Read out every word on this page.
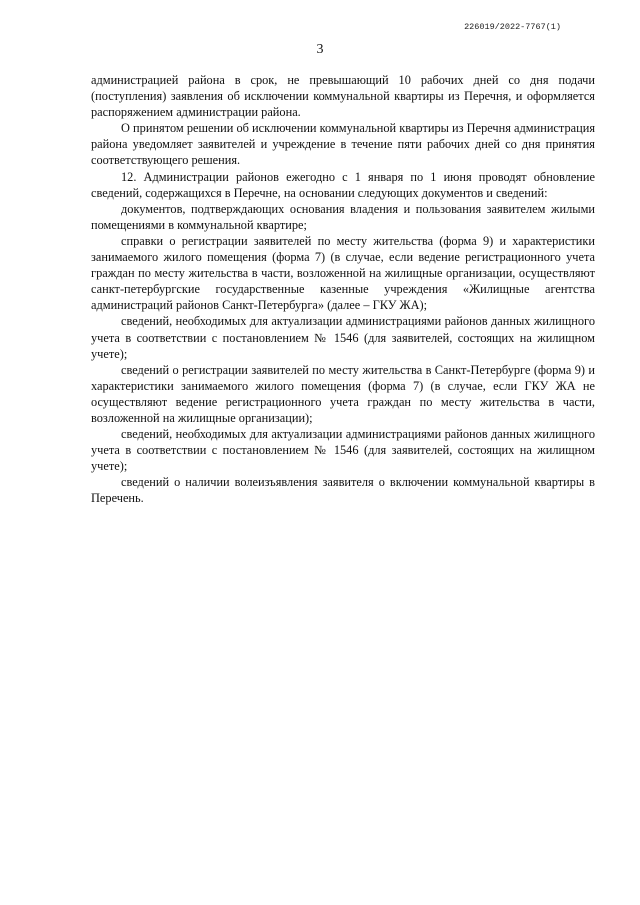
226019/2022-7767(1)
3

администрацией района в срок, не превышающий 10 рабочих дней со дня подачи (поступления) заявления об исключении коммунальной квартиры из Перечня, и оформляется распоряжением администрации района.

О принятом решении об исключении коммунальной квартиры из Перечня администрация района уведомляет заявителей и учреждение в течение пяти рабочих дней со дня принятия соответствующего решения.

12. Администрации районов ежегодно с 1 января по 1 июня проводят обновление сведений, содержащихся в Перечне, на основании следующих документов и сведений:

документов, подтверждающих основания владения и пользования заявителем жилыми помещениями в коммунальной квартире;

справки о регистрации заявителей по месту жительства (форма 9) и характеристики занимаемого жилого помещения (форма 7) (в случае, если ведение регистрационного учета граждан по месту жительства в части, возложенной на жилищные организации, осуществляют санкт-петербургские государственные казенные учреждения «Жилищные агентства администраций районов Санкт-Петербурга» (далее – ГКУ ЖА);

сведений, необходимых для актуализации администрациями районов данных жилищного учета в соответствии с постановлением № 1546 (для заявителей, состоящих на жилищном учете);

сведений о регистрации заявителей по месту жительства в Санкт-Петербурге (форма 9) и характеристики занимаемого жилого помещения (форма 7) (в случае, если ГКУ ЖА не осуществляют ведение регистрационного учета граждан по месту жительства в части, возложенной на жилищные организации);

сведений, необходимых для актуализации администрациями районов данных жилищного учета в соответствии с постановлением № 1546 (для заявителей, состоящих на жилищном учете);

сведений о наличии волеизъявления заявителя о включении коммунальной квартиры в Перечень.
